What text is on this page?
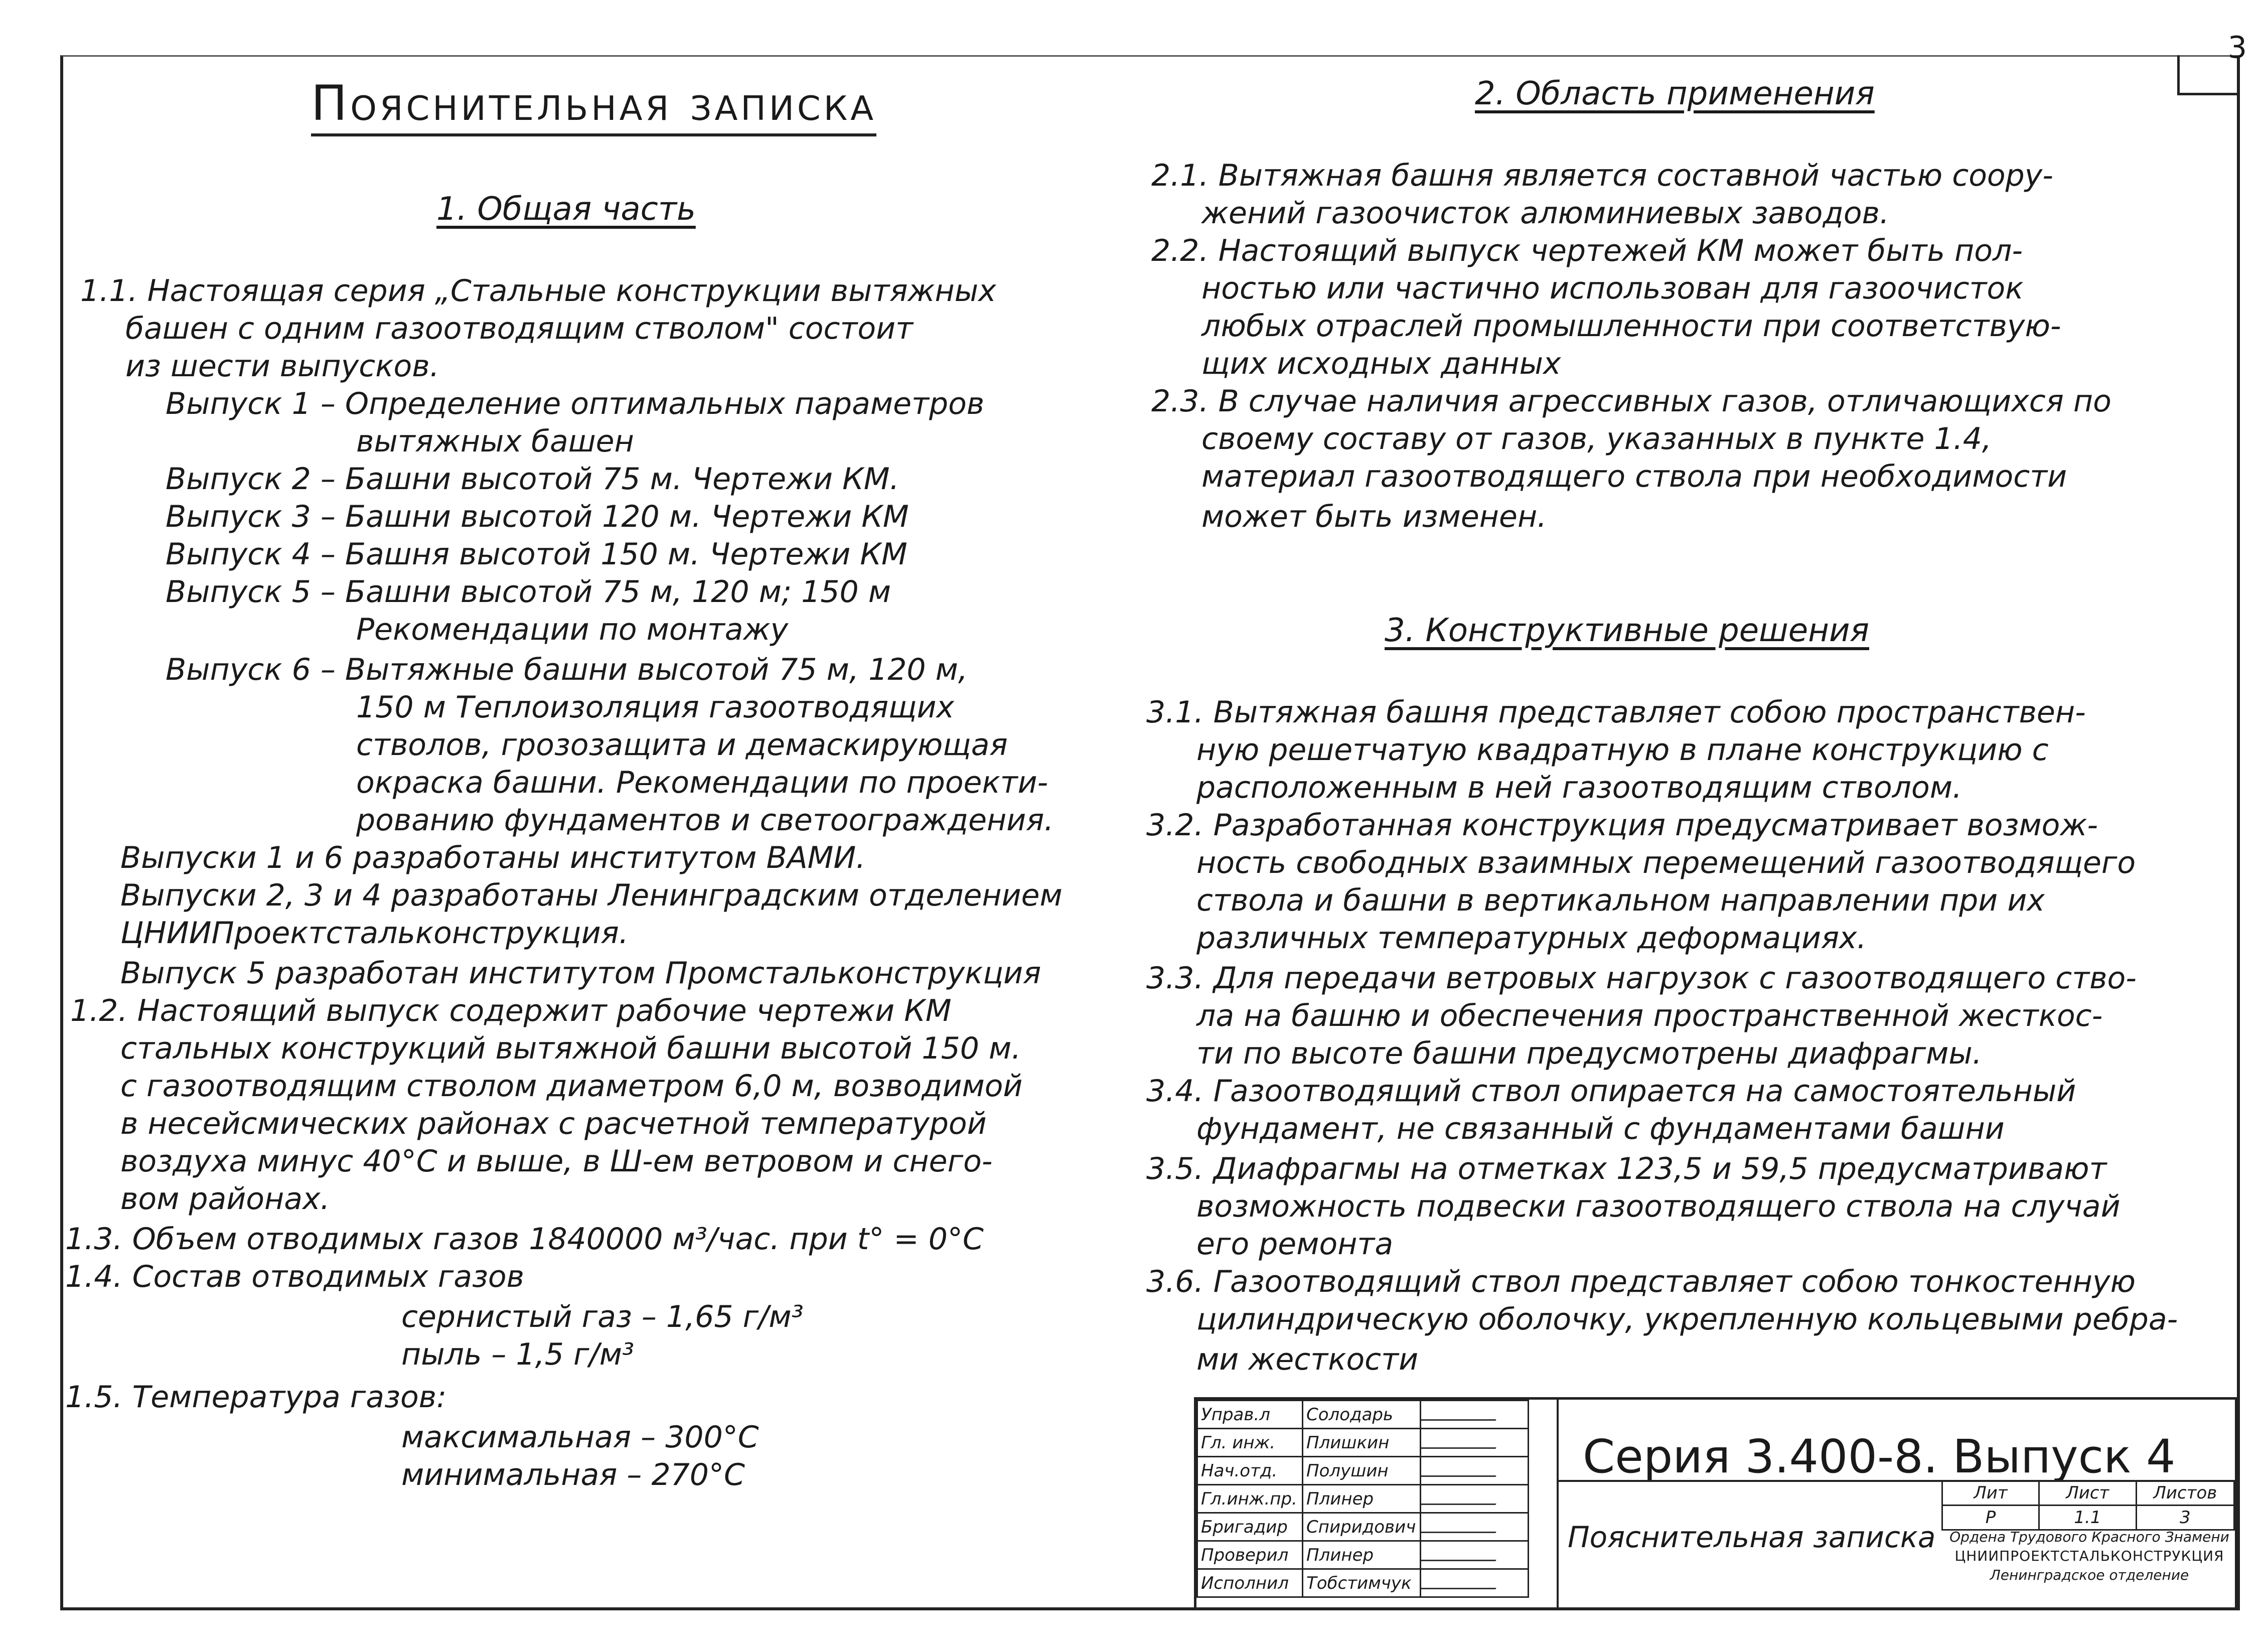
3
Пояснительная записка
1. Общая часть
1.1. Настоящая серия „Стальные конструкции вытяжных
башен с одним газоотводящим стволом" состоит
из шести выпусков.
Выпуск 1 – Определение оптимальных параметров
вытяжных башен
Выпуск 2 – Башни высотой 75 м. Чертежи КМ.
Выпуск 3 – Башни высотой 120 м. Чертежи КМ
Выпуск 4 – Башня высотой 150 м. Чертежи КМ
Выпуск 5 – Башни высотой 75 м, 120 м; 150 м
Рекомендации по монтажу
Выпуск 6 – Вытяжные башни высотой 75 м, 120 м,
150 м Теплоизоляция газоотводящих
стволов, грозозащита и демаскирующая
окраска башни. Рекомендации по проекти-
рованию фундаментов и светоограждения.
Выпуски 1 и 6 разработаны институтом ВАМИ.
Выпуски 2, 3 и 4 разработаны Ленинградским отделением
ЦНИИПроектстальконструкция.
Выпуск 5 разработан институтом Промстальконструкция
1.2. Настоящий выпуск содержит рабочие чертежи КМ
стальных конструкций вытяжной башни высотой 150 м.
с газоотводящим стволом диаметром 6,0 м, возводимой
в несейсмических районах с расчетной температурой
воздуха минус 40°С и выше, в Ш-ем ветровом и снего-
вом районах.
1.3. Объем отводимых газов 1840000 м³/час. при t° = 0°С
1.4. Состав отводимых газов
сернистый газ – 1,65 г/м³
пыль – 1,5 г/м³
1.5. Температура газов:
максимальная – 300°С
минимальная – 270°С
2. Область применения
2.1. Вытяжная башня является составной частью соору-
жений газоочисток алюминиевых заводов.
2.2. Настоящий выпуск чертежей КМ может быть пол-
ностью или частично использован для газоочисток
любых отраслей промышленности при соответствую-
щих исходных данных
2.3. В случае наличия агрессивных газов, отличающихся по
своему составу от газов, указанных в пункте 1.4,
материал газоотводящего ствола при необходимости
может быть изменен.
3. Конструктивные решения
3.1. Вытяжная башня представляет собою пространствен-
ную решетчатую квадратную в плане конструкцию с
расположенным в ней газоотводящим стволом.
3.2. Разработанная конструкция предусматривает возмож-
ность свободных взаимных перемещений газоотводящего
ствола и башни в вертикальном направлении при их
различных температурных деформациях.
3.3. Для передачи ветровых нагрузок с газоотводящего ство-
ла на башню и обеспечения пространственной жесткос-
ти по высоте башни предусмотрены диафрагмы.
3.4. Газоотводящий ствол опирается на самостоятельный
фундамент, не связанный с фундаментами башни
3.5. Диафрагмы на отметках 123,5 и 59,5 предусматривают
возможность подвески газоотводящего ствола на случай
его ремонта
3.6. Газоотводящий ствол представляет собою тонкостенную
цилиндрическую оболочку, укрепленную кольцевыми ребра-
ми жесткости
Управ.л	Солодарь	
Гл. инж.	Плишкин	
Нач.отд.	Полушин	
Гл.инж.пр.	Плинер	
Бригадир	Спиридович	
Проверил	Плинер	
Исполнил	Тобстимчук	
Серия 3.400-8. Выпуск 4
Пояснительная записка
Лит	Лист	Листов
Р	1.1	3
Ордена Трудового Красного Знамени
ЦНИИПРОЕКТСТАЛЬКОНСТРУКЦИЯ
Ленинградское отделение
